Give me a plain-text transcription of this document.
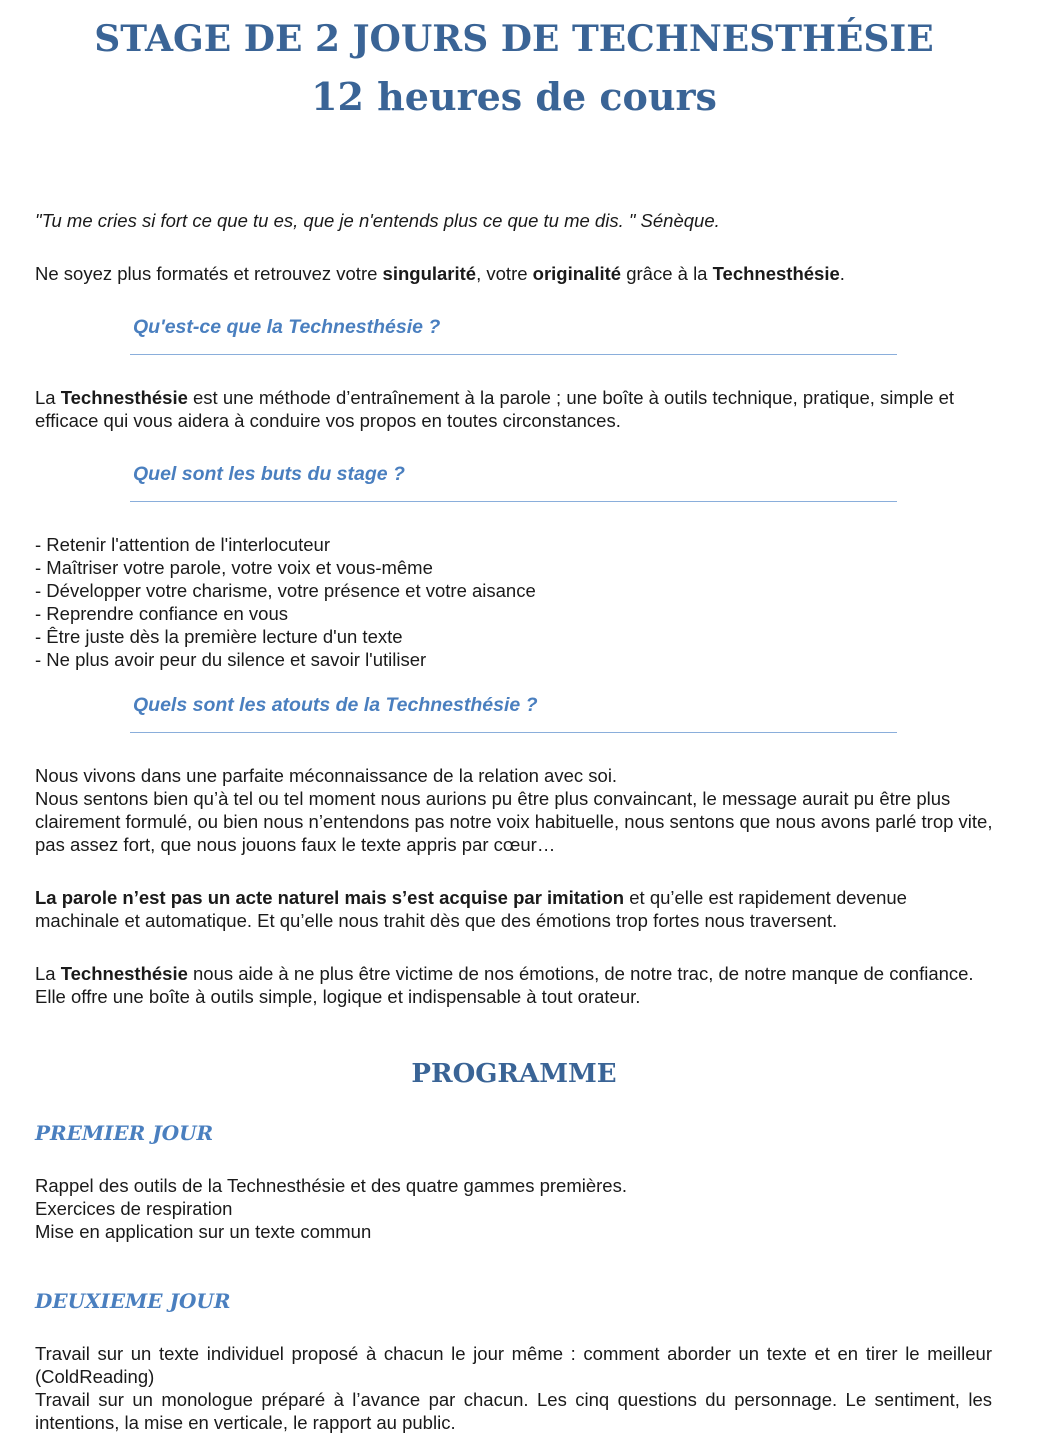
STAGE DE 2 JOURS DE TECHNESTHÉSIE
12 heures de cours

"Tu me cries si fort ce que tu es, que je n'entends plus ce que tu me dis. " Sénèque.

Ne soyez plus formatés et retrouvez votre singularité, votre originalité grâce à la Technesthésie.

Qu'est-ce que la Technesthésie ?

La Technesthésie est une méthode d’entraînement à la parole ; une boîte à outils technique, pratique, simple et efficace qui vous aidera à conduire vos propos en toutes circonstances.

Quel sont les buts du stage ?
- Retenir l'attention de l'interlocuteur
- Maîtriser votre parole, votre voix et vous-même
- Développer votre charisme, votre présence et votre aisance
- Reprendre confiance en vous
- Être juste dès la première lecture d'un texte
- Ne plus avoir peur du silence et savoir l'utiliser
Quels sont les atouts de la Technesthésie ?

Nous vivons dans une parfaite méconnaissance de la relation avec soi.
Nous sentons bien qu’à tel ou tel moment nous aurions pu être plus convaincant, le message aurait pu être plus clairement formulé, ou bien nous n’entendons pas notre voix habituelle, nous sentons que nous avons parlé trop vite, pas assez fort, que nous jouons faux le texte appris par cœur…

La parole n’est pas un acte naturel mais s’est acquise par imitation et qu’elle est rapidement devenue machinale et automatique. Et qu’elle nous trahit dès que des émotions trop fortes nous traversent.

La Technesthésie nous aide à ne plus être victime de nos émotions, de notre trac, de notre manque de confiance. Elle offre une boîte à outils simple, logique et indispensable à tout orateur.

PROGRAMME
PREMIER JOUR
Rappel des outils de la Technesthésie et des quatre gammes premières.
Exercices de respiration
Mise en application sur un texte commun
DEUXIEME JOUR
Travail sur un texte individuel proposé à chacun le jour même : comment aborder un texte et en tirer le meilleur (ColdReading)
Travail sur un monologue préparé à l’avance par chacun. Les cinq questions du personnage. Le sentiment, les intentions, la mise en verticale, le rapport au public.
